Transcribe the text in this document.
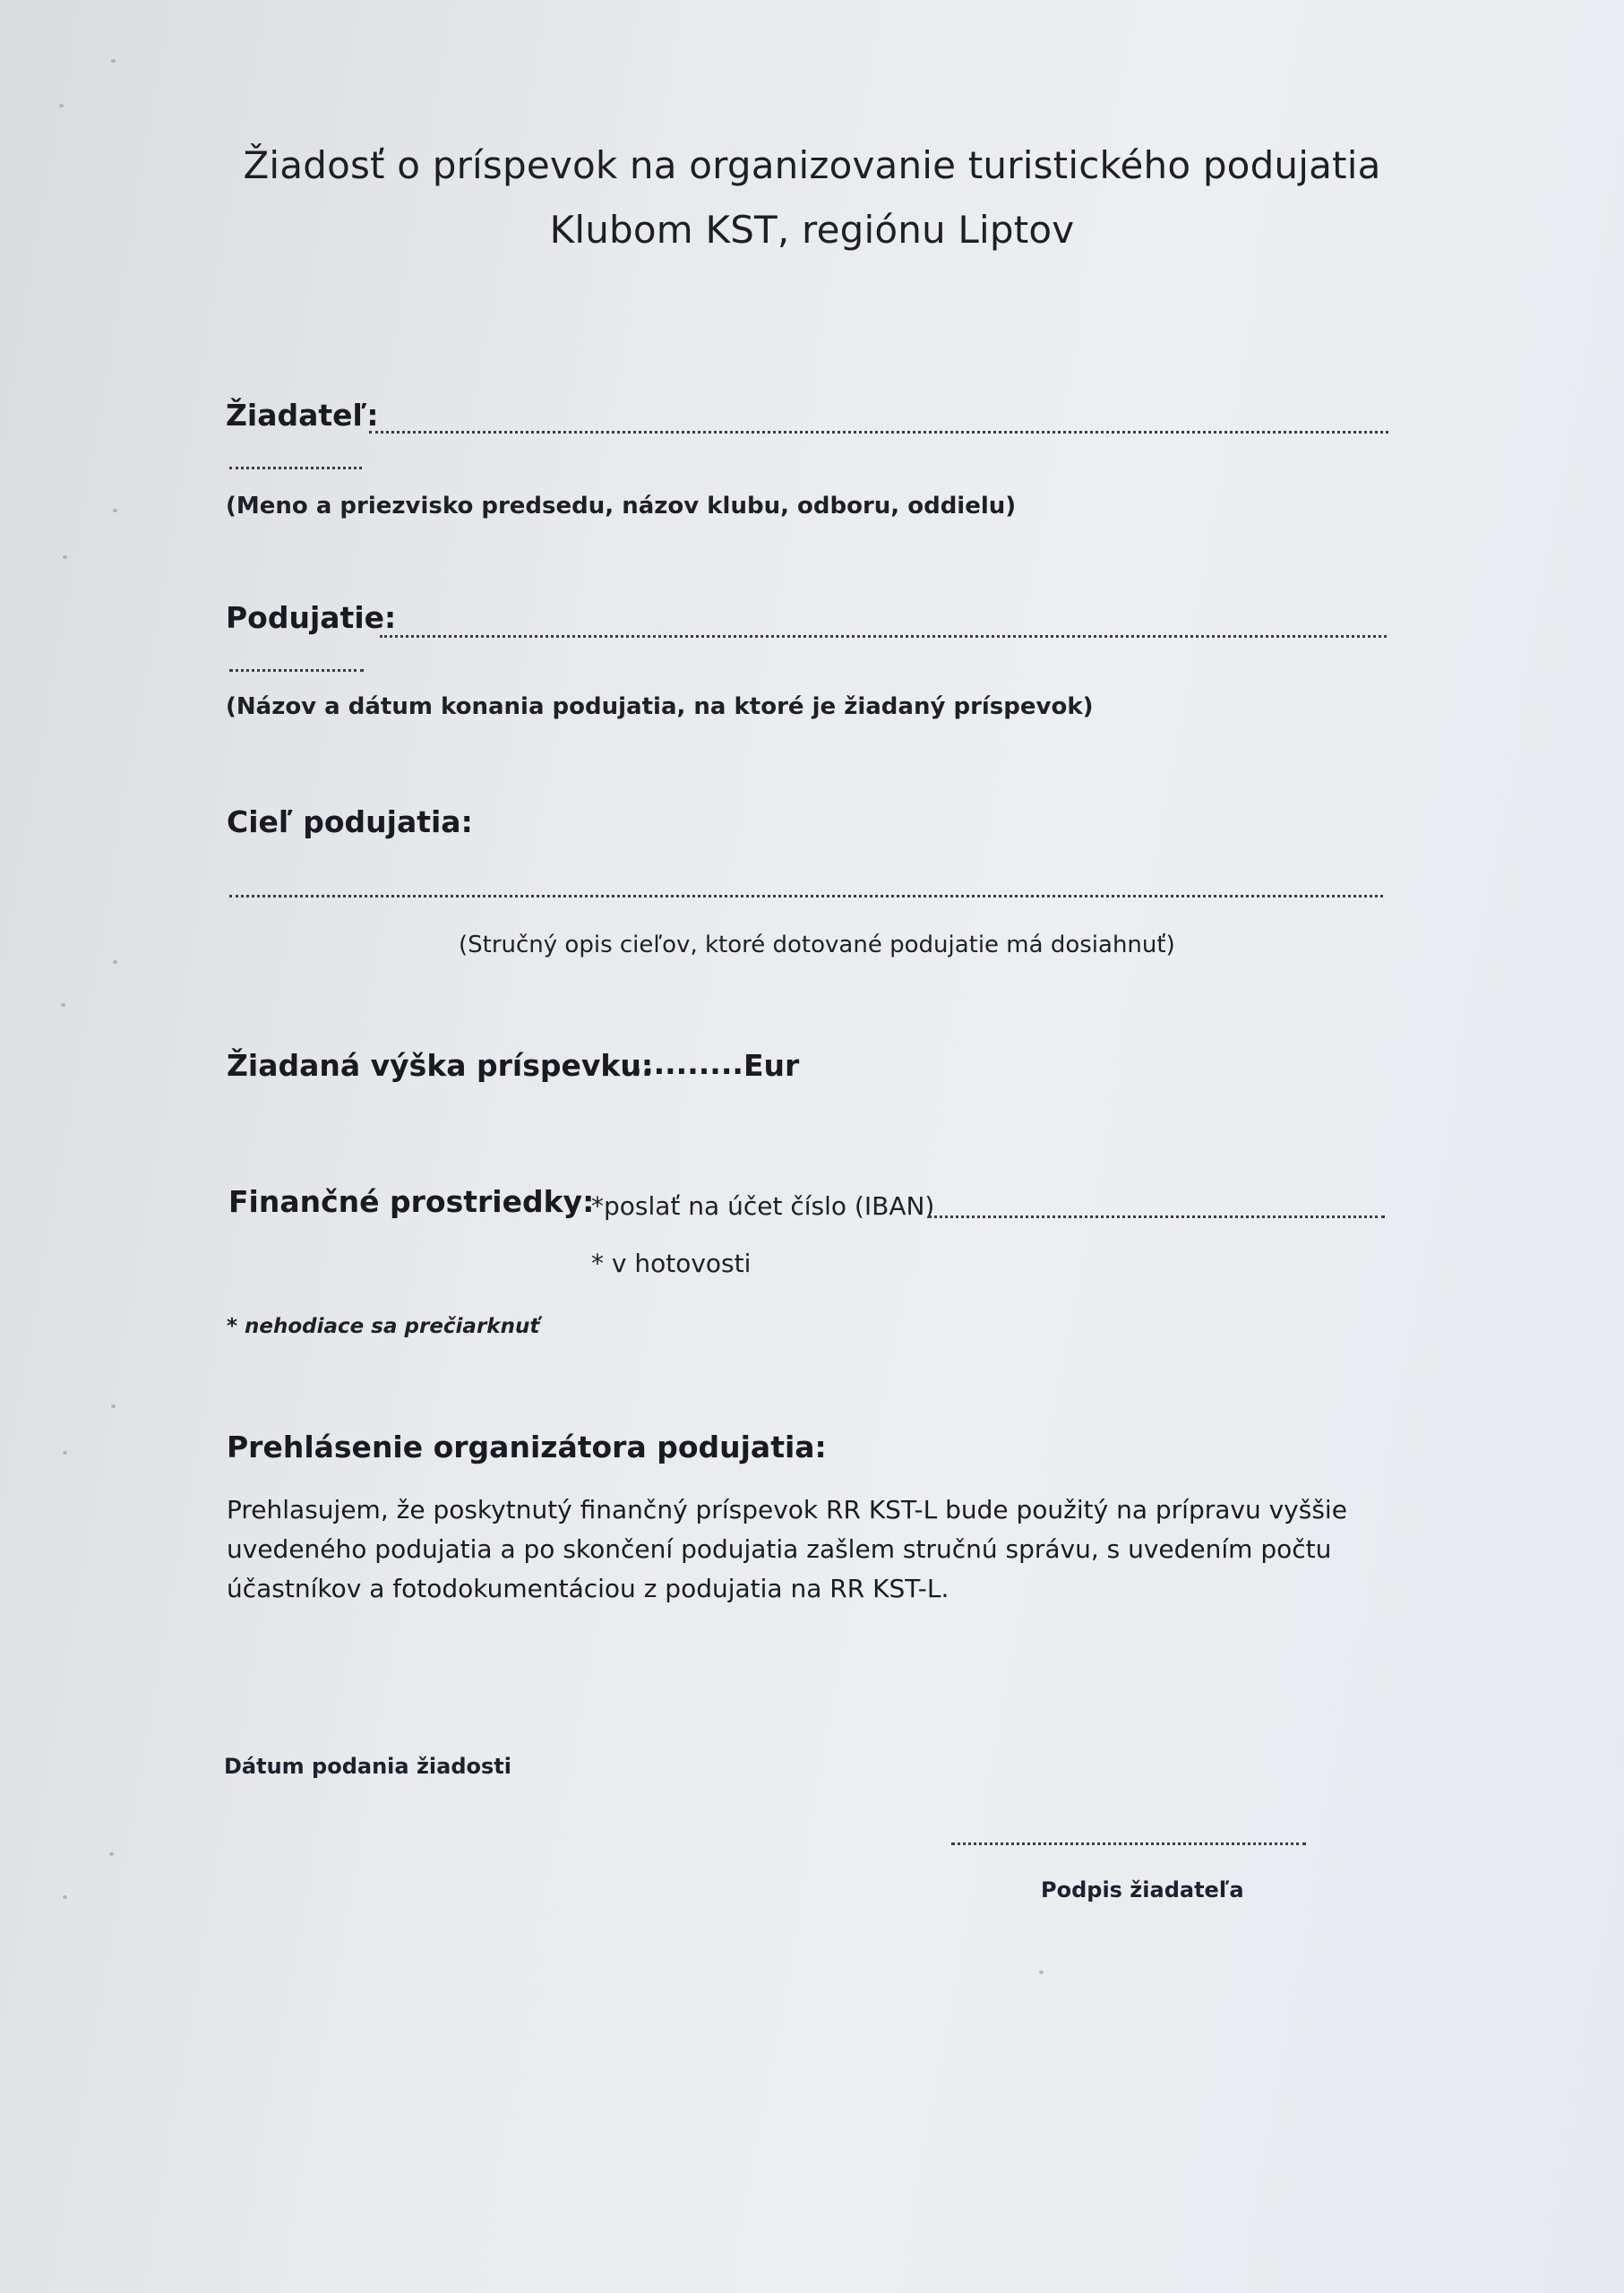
Žiadosť o príspevok na organizovanie turistického podujatia
Klubom KST, regiónu Liptov
Žiadateľ:
(Meno a priezvisko predsedu, názov klubu, odboru, oddielu)
Podujatie:
(Názov a dátum konania podujatia, na ktoré je žiadaný príspevok)
Cieľ podujatia:
(Stručný opis cieľov, ktoré dotované podujatie má dosiahnuť)
Žiadaná výška príspevku:
............
Eur
Finančné prostriedky:
*poslať na účet číslo (IBAN)
* v hotovosti
* nehodiace sa prečiarknuť
Prehlásenie organizátora podujatia:
Prehlasujem, že poskytnutý finančný príspevok RR KST-L bude použitý na prípravu vyššie
uvedeného podujatia a po skončení podujatia zašlem stručnú správu, s uvedením počtu
účastníkov a fotodokumentáciou z podujatia na RR KST-L.
Dátum podania žiadosti
Podpis žiadateľa
